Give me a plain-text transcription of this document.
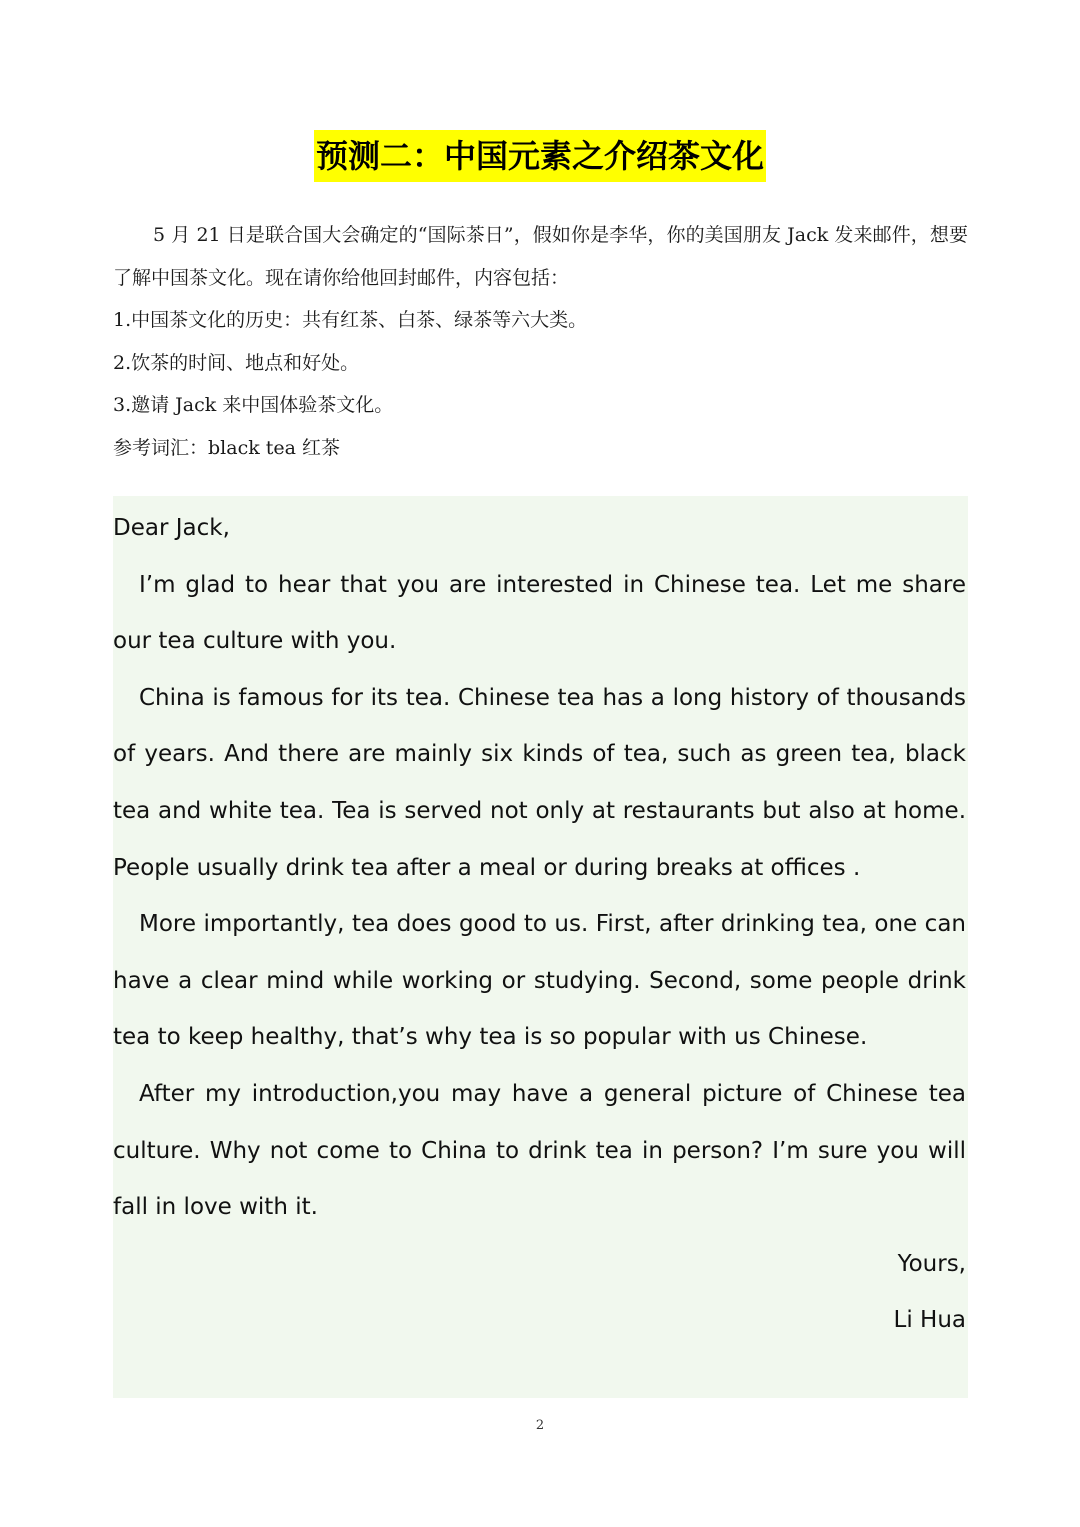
预测二：中国元素之介绍茶文化

5 月 21 日是联合国大会确定的“国际茶日”，假如你是李华，你的美国朋友 Jack 发来邮件，想要了解中国茶文化。现在请你给他回封邮件，内容包括：

1.中国茶文化的历史：共有红茶、白茶、绿茶等六大类。

2.饮茶的时间、地点和好处。

3.邀请 Jack 来中国体验茶文化。

参考词汇：black tea 红茶

Dear Jack,

I’m glad to hear that you are interested in Chinese tea. Let me share our tea culture with you.

China is famous for its tea. Chinese tea has a long history of thousands of years. And there are mainly six kinds of tea, such as green tea, black tea and white tea. Tea is served not only at restaurants but also at home. People usually drink tea after a meal or during breaks at offices .

More importantly, tea does good to us. First, after drinking tea, one can have a clear mind while working or studying. Second, some people drink tea to keep healthy, that’s why tea is so popular with us Chinese.

After my introduction,you may have a general picture of Chinese tea culture. Why not come to China to drink tea in person? I’m sure you will fall in love with it.

Yours,

Li Hua

2
